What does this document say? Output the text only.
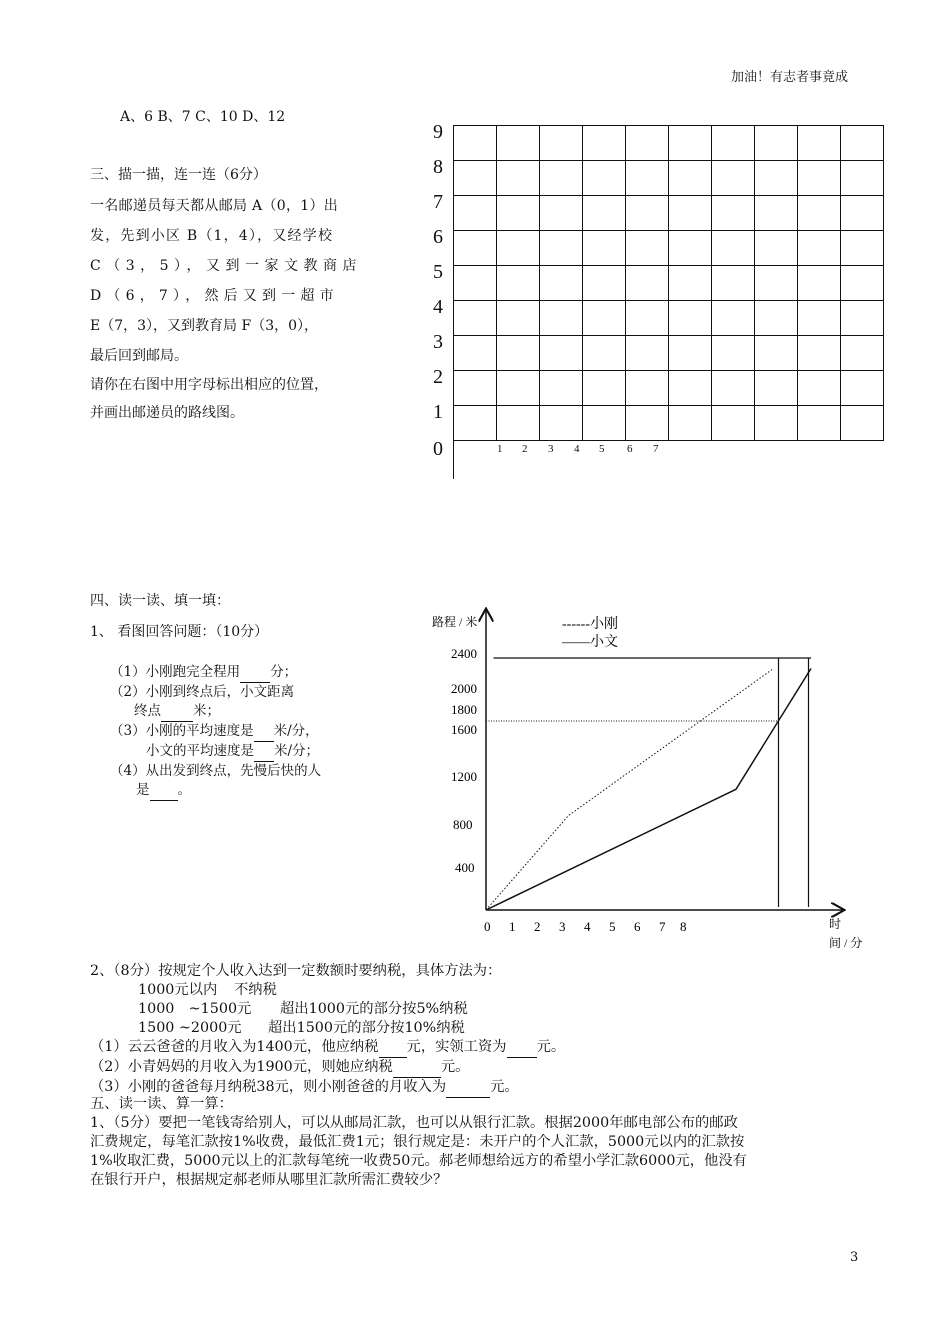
加油！有志者事竟成
A、6 B、7 C、10 D、12
三、描一描，连一连（6分）
一名邮递员每天都从邮局 A（0，1）出
发，先到小区 B（1，4），又经学校
C（3，5），又到一家文教商店
D（6，7），然后又到一超市
E（7，3），又到教育局 F（3，0），
最后回到邮局。
请你在右图中用字母标出相应的位置，
并画出邮递员的路线图。

9
8
7
6
5
4
3
2
1
0	1 2 3 4 5 6 7
四、读一读、填一填：
1、 看图回答问题：（10分）
（1）小刚跑完全程用 分；
（2）小刚到终点后，小文距离
终点 米；
（3）小刚的平均速度是 米/分，
小文的平均速度是 米/分；
（4）从出发到终点，先慢后快的人
是 。
路程 / 米	------小刚
——小文
2400
2000
1800
1600
1200
800
400
0 1 2 3 4 5 6 7 8	时
间 / 分
2、（8分）按规定个人收入达到一定数额时要纳税，具体方法为：
1000元以内 不纳税
1000　~1500元 超出1000元的部分按5%纳税
1500 ~2000元 超出1500元的部分按10%纳税
（1）云云爸爸的月收入为1400元，他应纳税 元，实领工资为 元。
（2）小青妈妈的月收入为1900元，则她应纳税	元。
（3）小刚的爸爸每月纳税38元，则小刚爸爸的月收入为	元。
五、读一读、算一算：
1、（5分）要把一笔钱寄给别人，可以从邮局汇款，也可以从银行汇款。根据2000年邮电部公布的邮政
汇费规定，每笔汇款按1%收费，最低汇费1元；银行规定是：未开户的个人汇款，5000元以内的汇款按
1%收取汇费，5000元以上的汇款每笔统一收费50元。郝老师想给远方的希望小学汇款6000元，他没有
在银行开户，根据规定郝老师从哪里汇款所需汇费较少？
3
